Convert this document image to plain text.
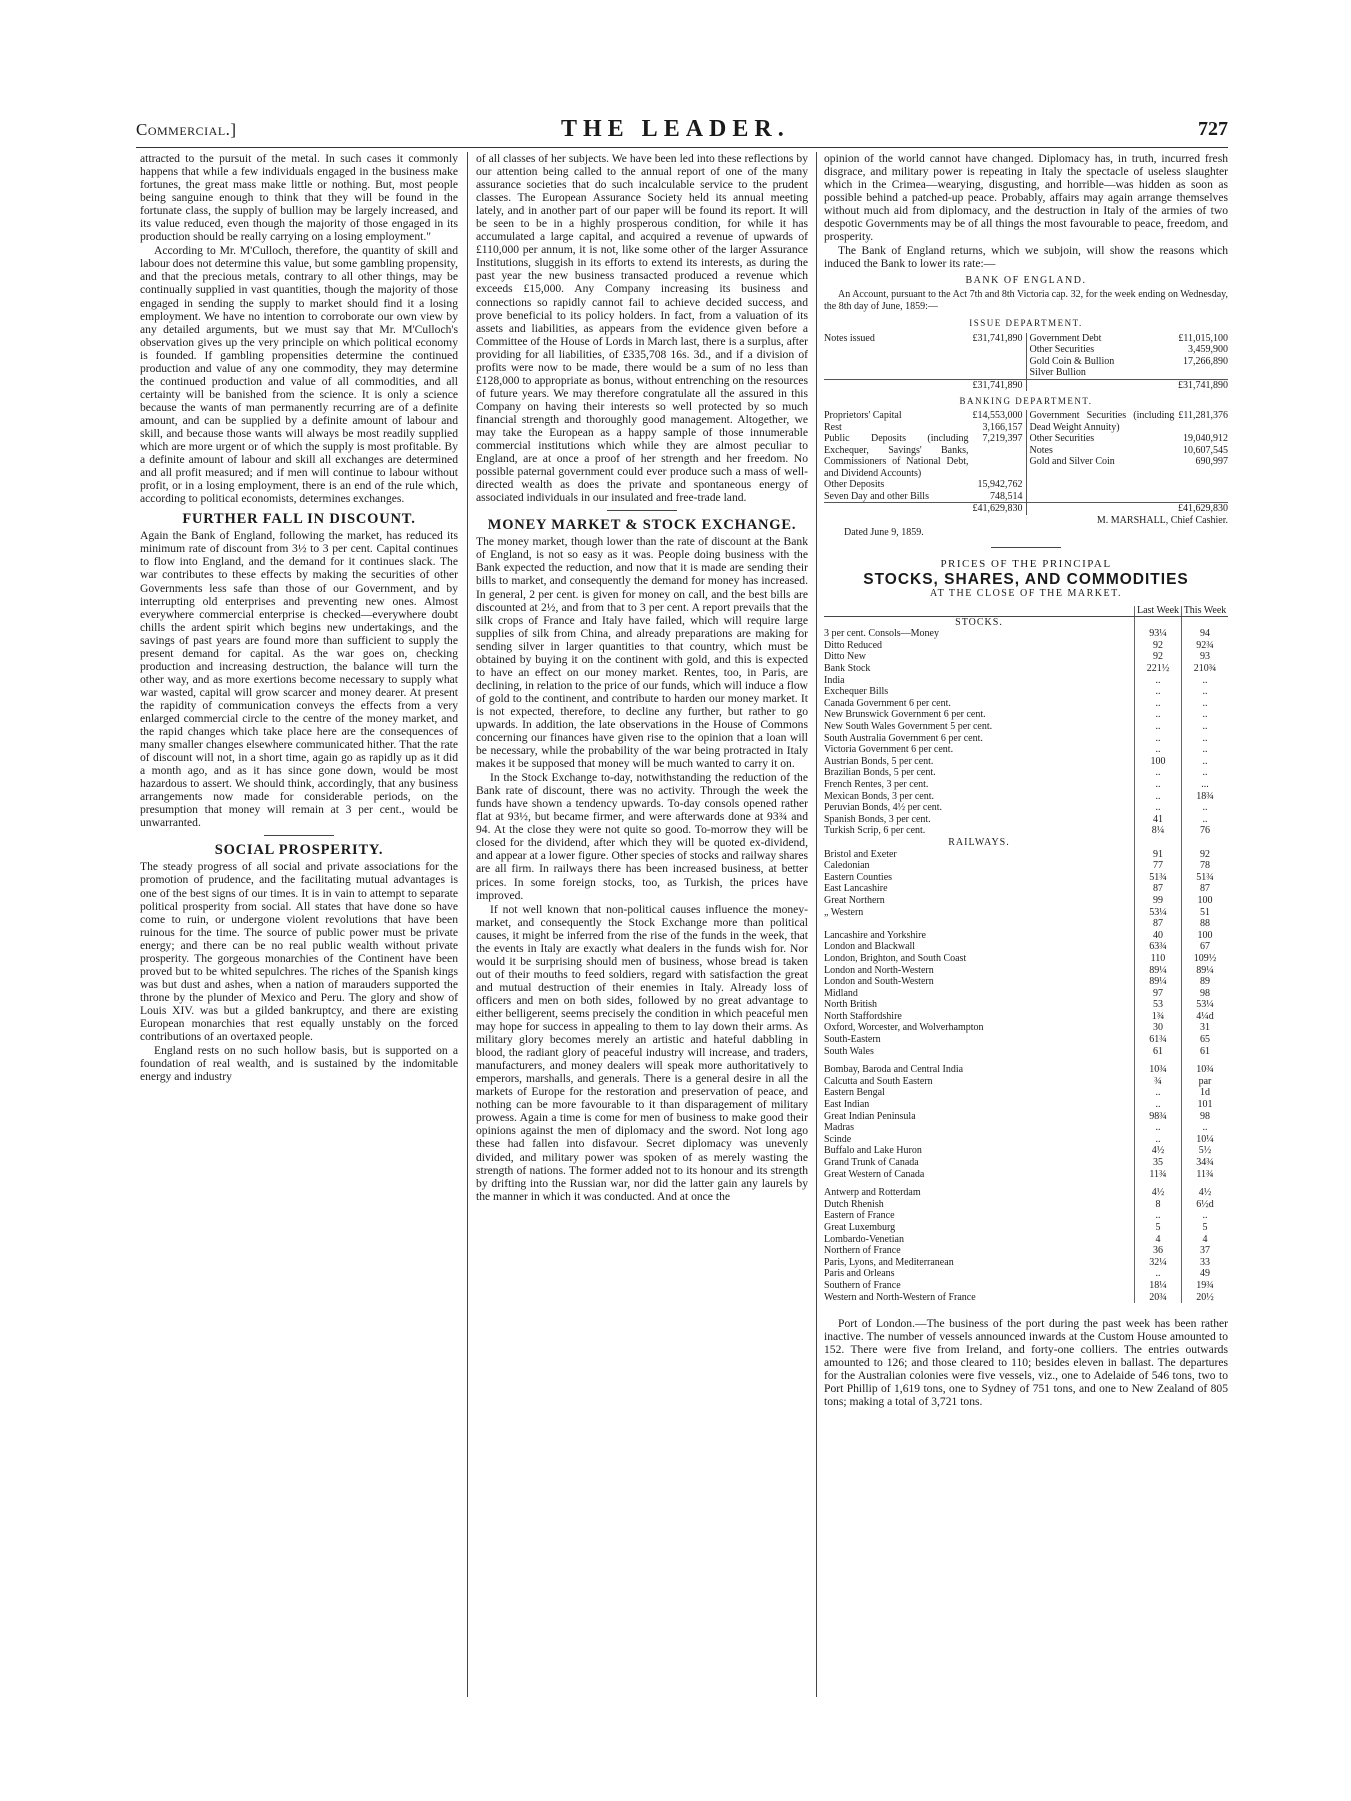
Commercial.]	THE LEADER.	727

attracted to the pursuit of the metal. In such cases it commonly happens that while a few individuals engaged in the business make fortunes, the great mass make little or nothing. But, most people being sanguine enough to think that they will be found in the fortunate class, the supply of bullion may be largely increased, and its value reduced, even though the majority of those engaged in its production should be really carrying on a losing employment."

According to Mr. M'Culloch, therefore, the quantity of skill and labour does not determine this value, but some gambling propensity, and that the precious metals, contrary to all other things, may be continually supplied in vast quantities, though the majority of those engaged in sending the supply to market should find it a losing employment. We have no intention to corroborate our own view by any detailed arguments, but we must say that Mr. M'Culloch's observation gives up the very principle on which political economy is founded. If gambling propensities determine the continued production and value of any one commodity, they may determine the continued production and value of all commodities, and all certainty will be banished from the science. It is only a science because the wants of man permanently recurring are of a definite amount, and can be supplied by a definite amount of labour and skill, and because those wants will always be most readily supplied which are more urgent or of which the supply is most profitable. By a definite amount of labour and skill all exchanges are determined and all profit measured; and if men will continue to labour without profit, or in a losing employment, there is an end of the rule which, according to political economists, determines exchanges.

FURTHER FALL IN DISCOUNT.

Again the Bank of England, following the market, has reduced its minimum rate of discount from 3½ to 3 per cent. Capital continues to flow into England, and the demand for it continues slack. The war contributes to these effects by making the securities of other Governments less safe than those of our Government, and by interrupting old enterprises and preventing new ones. Almost everywhere commercial enterprise is checked—everywhere doubt chills the ardent spirit which begins new undertakings, and the savings of past years are found more than sufficient to supply the present demand for capital. As the war goes on, checking production and increasing destruction, the balance will turn the other way, and as more exertions become necessary to supply what war wasted, capital will grow scarcer and money dearer. At present the rapidity of communication conveys the effects from a very enlarged commercial circle to the centre of the money market, and the rapid changes which take place here are the consequences of many smaller changes elsewhere communicated hither. That the rate of discount will not, in a short time, again go as rapidly up as it did a month ago, and as it has since gone down, would be most hazardous to assert. We should think, accordingly, that any business arrangements now made for considerable periods, on the presumption that money will remain at 3 per cent., would be unwarranted.

SOCIAL PROSPERITY.

The steady progress of all social and private associations for the promotion of prudence, and the facilitating mutual advantages is one of the best signs of our times. It is in vain to attempt to separate political prosperity from social. All states that have done so have come to ruin, or undergone violent revolutions that have been ruinous for the time. The source of public power must be private energy; and there can be no real public wealth without private prosperity. The gorgeous monarchies of the Continent have been proved but to be whited sepulchres. The riches of the Spanish kings was but dust and ashes, when a nation of marauders supported the throne by the plunder of Mexico and Peru. The glory and show of Louis XIV. was but a gilded bankruptcy, and there are existing European monarchies that rest equally unstably on the forced contributions of an overtaxed people.

England rests on no such hollow basis, but is supported on a foundation of real wealth, and is sustained by the indomitable energy and industry

of all classes of her subjects. We have been led into these reflections by our attention being called to the annual report of one of the many assurance societies that do such incalculable service to the prudent classes. The European Assurance Society held its annual meeting lately, and in another part of our paper will be found its report. It will be seen to be in a highly prosperous condition, for while it has accumulated a large capital, and acquired a revenue of upwards of £110,000 per annum, it is not, like some other of the larger Assurance Institutions, sluggish in its efforts to extend its interests, as during the past year the new business transacted produced a revenue which exceeds £15,000. Any Company increasing its business and connections so rapidly cannot fail to achieve decided success, and prove beneficial to its policy holders. In fact, from a valuation of its assets and liabilities, as appears from the evidence given before a Committee of the House of Lords in March last, there is a surplus, after providing for all liabilities, of £335,708 16s. 3d., and if a division of profits were now to be made, there would be a sum of no less than £128,000 to appropriate as bonus, without entrenching on the resources of future years. We may therefore congratulate all the assured in this Company on having their interests so well protected by so much financial strength and thoroughly good management. Altogether, we may take the European as a happy sample of those innumerable commercial institutions which while they are almost peculiar to England, are at once a proof of her strength and her freedom. No possible paternal government could ever produce such a mass of well-directed wealth as does the private and spontaneous energy of associated individuals in our insulated and free-trade land.

MONEY MARKET & STOCK EXCHANGE.

The money market, though lower than the rate of discount at the Bank of England, is not so easy as it was. People doing business with the Bank expected the reduction, and now that it is made are sending their bills to market, and consequently the demand for money has increased. In general, 2 per cent. is given for money on call, and the best bills are discounted at 2½, and from that to 3 per cent. A report prevails that the silk crops of France and Italy have failed, which will require large supplies of silk from China, and already preparations are making for sending silver in larger quantities to that country, which must be obtained by buying it on the continent with gold, and this is expected to have an effect on our money market. Rentes, too, in Paris, are declining, in relation to the price of our funds, which will induce a flow of gold to the continent, and contribute to harden our money market. It is not expected, therefore, to decline any further, but rather to go upwards. In addition, the late observations in the House of Commons concerning our finances have given rise to the opinion that a loan will be necessary, while the probability of the war being protracted in Italy makes it be supposed that money will be much wanted to carry it on.

In the Stock Exchange to-day, notwithstanding the reduction of the Bank rate of discount, there was no activity. Through the week the funds have shown a tendency upwards. To-day consols opened rather flat at 93½, but became firmer, and were afterwards done at 93¾ and 94. At the close they were not quite so good. To-morrow they will be closed for the dividend, after which they will be quoted ex-dividend, and appear at a lower figure. Other species of stocks and railway shares are all firm. In railways there has been increased business, at better prices. In some foreign stocks, too, as Turkish, the prices have improved.

If not well known that non-political causes influence the money-market, and consequently the Stock Exchange more than political causes, it might be inferred from the rise of the funds in the week, that the events in Italy are exactly what dealers in the funds wish for. Nor would it be surprising should men of business, whose bread is taken out of their mouths to feed soldiers, regard with satisfaction the great and mutual destruction of their enemies in Italy. Already loss of officers and men on both sides, followed by no great advantage to either belligerent, seems precisely the condition in which peaceful men may hope for success in appealing to them to lay down their arms. As military glory becomes merely an artistic and hateful dabbling in blood, the radiant glory of peaceful industry will increase, and traders, manufacturers, and money dealers will speak more authoritatively to emperors, marshalls, and generals. There is a general desire in all the markets of Europe for the restoration and preservation of peace, and nothing can be more favourable to it than disparagement of military prowess. Again a time is come for men of business to make good their opinions against the men of diplomacy and the sword. Not long ago these had fallen into disfavour. Secret diplomacy was unevenly divided, and military power was spoken of as merely wasting the strength of nations. The former added not to its honour and its strength by drifting into the Russian war, nor did the latter gain any laurels by the manner in which it was conducted. And at once the

opinion of the world cannot have changed. Diplomacy has, in truth, incurred fresh disgrace, and military power is repeating in Italy the spectacle of useless slaughter which in the Crimea—wearying, disgusting, and horrible—was hidden as soon as possible behind a patched-up peace. Probably, affairs may again arrange themselves without much aid from diplomacy, and the destruction in Italy of the armies of two despotic Governments may be of all things the most favourable to peace, freedom, and prosperity.

The Bank of England returns, which we subjoin, will show the reasons which induced the Bank to lower its rate:—

BANK OF ENGLAND.

An Account, pursuant to the Act 7th and 8th Victoria cap. 32, for the week ending on Wednesday, the 8th day of June, 1859:—

ISSUE DEPARTMENT.
Notes issued	£31,741,890
	Government Debt	£11,015,100
Other Securities	3,459,900
Gold Coin & Bullion	17,266,890
Silver Bullion	

£31,741,890	£31,741,890
BANKING DEPARTMENT.
Proprietors' Capital	£14,553,000
Rest	3,166,157
Public Deposits (including Exchequer, Savings' Banks, Commissioners of National Debt, and Dividend Accounts)	7,219,397
Other Deposits	15,942,762
Seven Day and other Bills	748,514

Government Securities (including Dead Weight Annuity)	£11,281,376
Other Securities	19,040,912
Notes	10,607,545
Gold and Silver Coin	690,997

£41,629,830	£41,629,830
M. MARSHALL, Chief Cashier.
Dated June 9, 1859.
PRICES OF THE PRINCIPAL
STOCKS, SHARES, AND COMMODITIES
AT THE CLOSE OF THE MARKET.
	Last Week	This Week
STOCKS.		
3 per cent. Consols—Money	93¼	94
Ditto Reduced	92	92¾
Ditto New	92	93
Bank Stock	221½	210¾
India	..	..
Exchequer Bills	..	..
Canada Government 6 per cent.	..	..
New Brunswick Government 6 per cent.	..	..
New South Wales Government 5 per cent.	..	..
South Australia Government 6 per cent.	..	..
Victoria Government 6 per cent.	..	..
Austrian Bonds, 5 per cent.	100	..
Brazilian Bonds, 5 per cent.	..	..
French Rentes, 3 per cent.	..	...
Mexican Bonds, 3 per cent.	..	18¾
Peruvian Bonds, 4½ per cent.	..	..
Spanish Bonds, 3 per cent.	41	..
Turkish Scrip, 6 per cent.	8¼	76
RAILWAYS.		
Bristol and Exeter	91	92
Caledonian	77	78
Eastern Counties	51¾	51¾
East Lancashire	87	87
Great Northern	99	100
„ Western	53¼	51
	87	88
Lancashire and Yorkshire	40	100
London and Blackwall	63¾	67
London, Brighton, and South Coast	110	109½
London and North-Western	89¼	89¼
London and South-Western	89¼	89
Midland	97	98
North British	53	53¼
North Staffordshire	1¾	4¼d
Oxford, Worcester, and Wolverhampton	30	31
South-Eastern	61¾	65
South Wales	61	61

Bombay, Baroda and Central India	10¾	10¾
Calcutta and South Eastern	¾	par
Eastern Bengal	..	1d
East Indian	..	101
Great Indian Peninsula	98¾	98
Madras	..	..
Scinde	..	10¼
Buffalo and Lake Huron	4½	5½
Grand Trunk of Canada	35	34¾
Great Western of Canada	11¾	11¾

Antwerp and Rotterdam	4½	4½
Dutch Rhenish	8	6½d
Eastern of France	..	..
Great Luxemburg	5	5
Lombardo-Venetian	4	4
Northern of France	36	37
Paris, Lyons, and Mediterranean	32¼	33
Paris and Orleans	..	49
Southern of France	18¼	19¾
Western and North-Western of France	20¾	20½

Port of London.—The business of the port during the past week has been rather inactive. The number of vessels announced inwards at the Custom House amounted to 152. There were five from Ireland, and forty-one colliers. The entries outwards amounted to 126; and those cleared to 110; besides eleven in ballast. The departures for the Australian colonies were five vessels, viz., one to Adelaide of 546 tons, two to Port Phillip of 1,619 tons, one to Sydney of 751 tons, and one to New Zealand of 805 tons; making a total of 3,721 tons.
